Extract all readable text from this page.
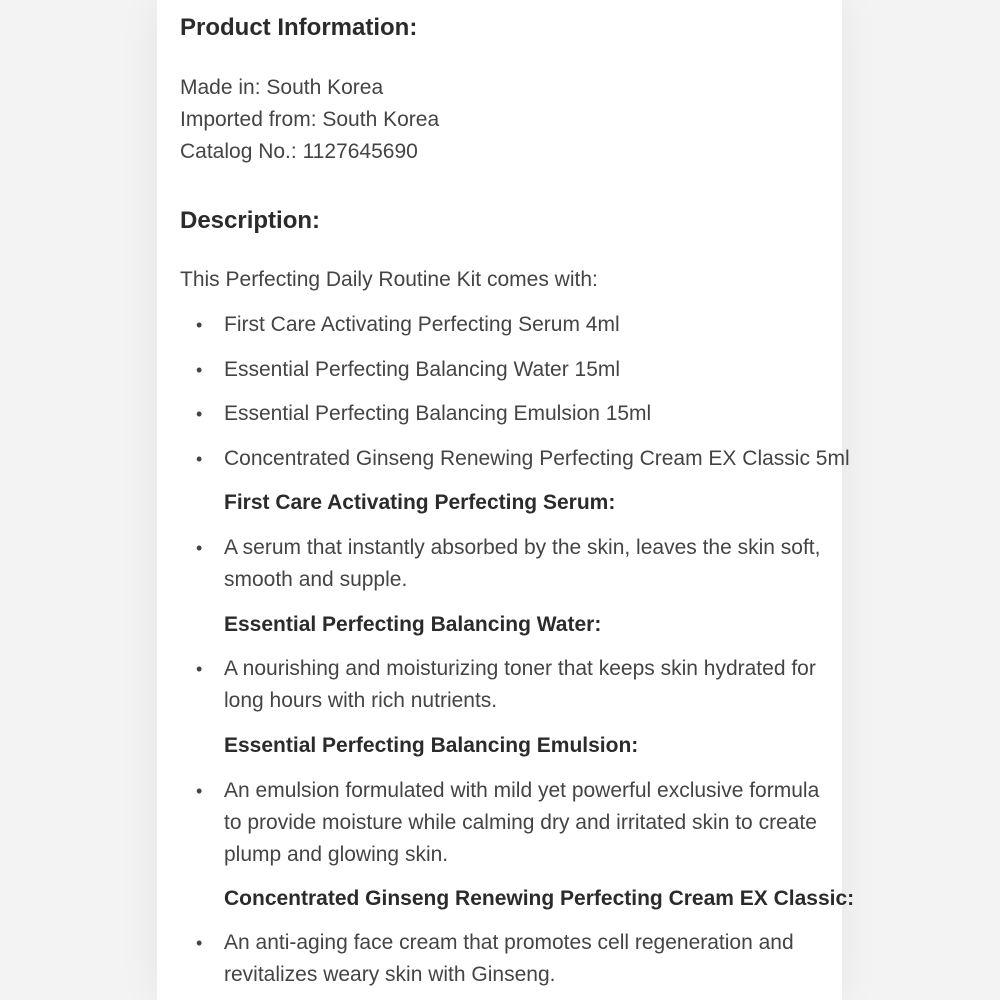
Product Information:
Made in: South Korea
Imported from: South Korea
Catalog No.: 1127645690
Description:
This Perfecting Daily Routine Kit comes with:
• First Care Activating Perfecting Serum 4ml
• Essential Perfecting Balancing Water 15ml
• Essential Perfecting Balancing Emulsion 15ml
• Concentrated Ginseng Renewing Perfecting Cream EX Classic 5ml
First Care Activating Perfecting Serum:
• A serum that instantly absorbed by the skin, leaves the skin soft, smooth and supple.
Essential Perfecting Balancing Water:
• A nourishing and moisturizing toner that keeps skin hydrated for long hours with rich nutrients.
Essential Perfecting Balancing Emulsion:
• An emulsion formulated with mild yet powerful exclusive formula to provide moisture while calming dry and irritated skin to create plump and glowing skin.
Concentrated Ginseng Renewing Perfecting Cream EX Classic:
• An anti-aging face cream that promotes cell regeneration and revitalizes weary skin with Ginseng.
